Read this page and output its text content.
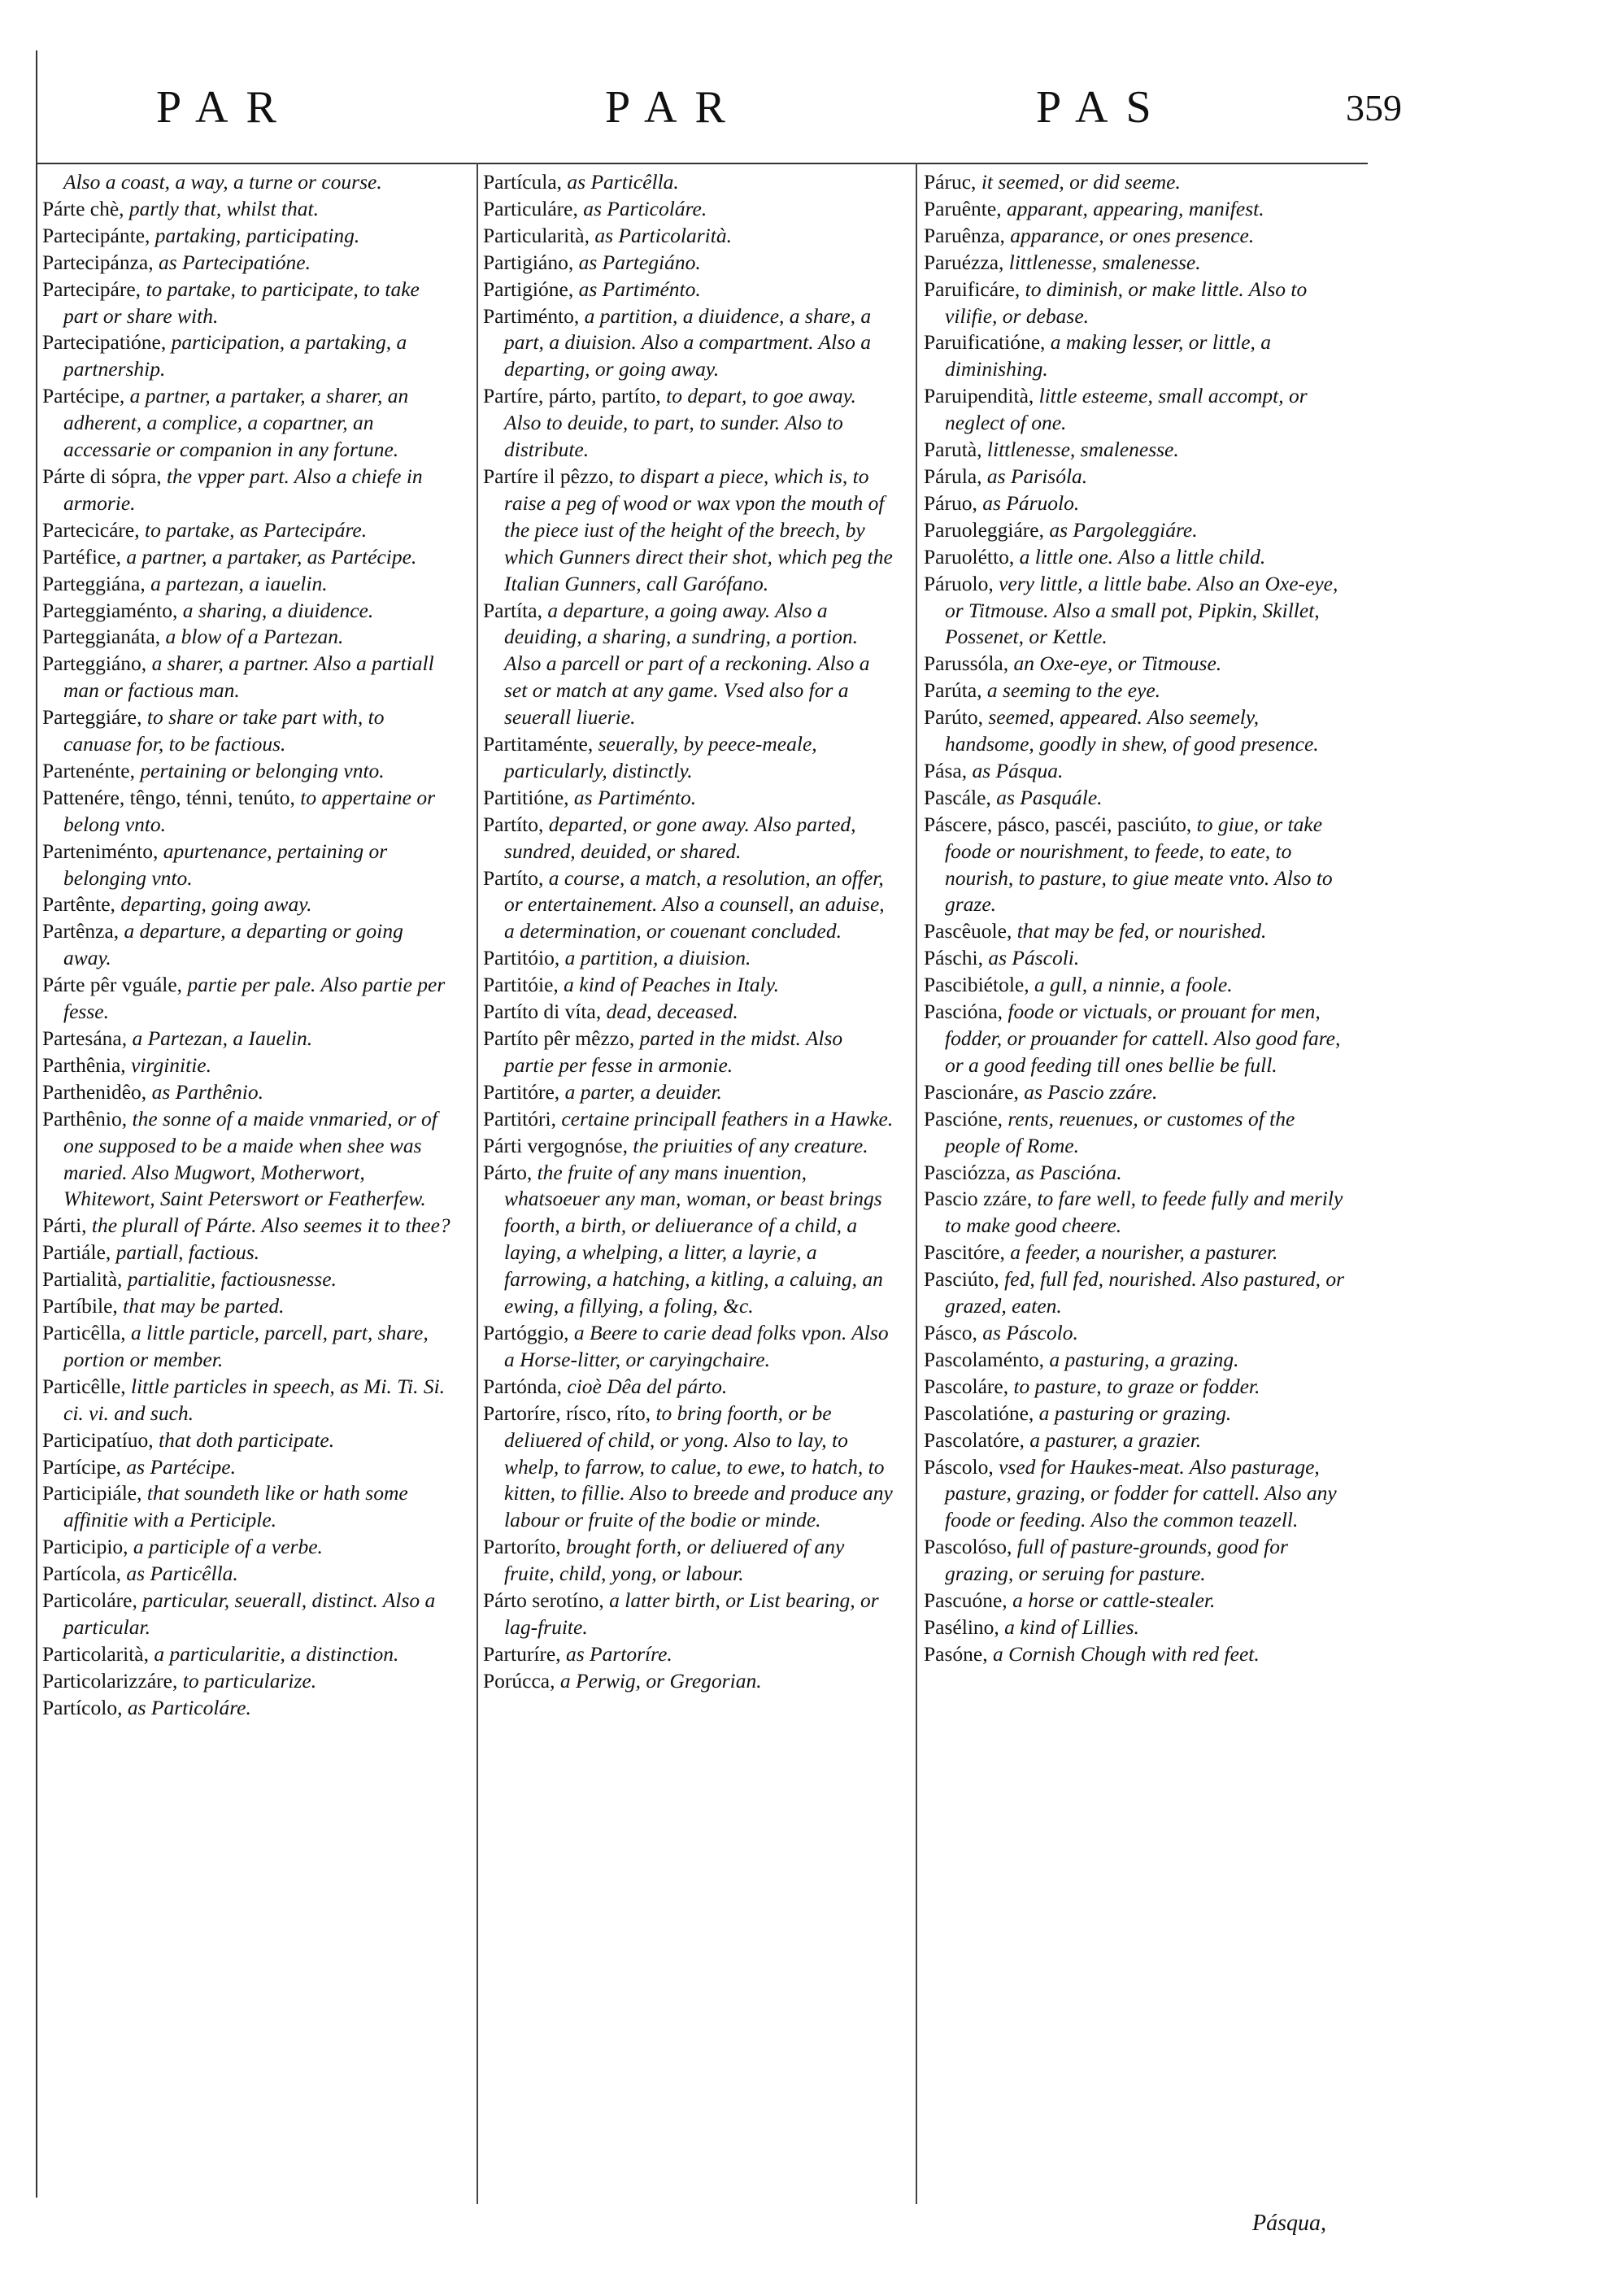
PAR	PAR	PAS	359

Also a coast, a way, a turne or course.

Párte chè, partly that, whilst that.

Partecipánte, partaking, participating.

Partecipánza, as Partecipatióne.

Partecipáre, to partake, to participate, to take part or share with.

Partecipatióne, participation, a partaking, a partnership.

Partécipe, a partner, a partaker, a sharer, an adherent, a complice, a copartner, an accessarie or companion in any fortune.

Párte di sópra, the vpper part. Also a chiefe in armorie.

Partecicáre, to partake, as Partecipáre.

Partéfice, a partner, a partaker, as Partécipe.

Parteggiána, a partezan, a iauelin.

Parteggiaménto, a sharing, a diuidence.

Parteggianáta, a blow of a Partezan.

Parteggiáno, a sharer, a partner. Also a partiall man or factious man.

Parteggiáre, to share or take part with, to canuase for, to be factious.

Partenénte, pertaining or belonging vnto.

Pattenére, têngo, ténni, tenúto, to appertaine or belong vnto.

Parteniménto, apurtenance, pertaining or belonging vnto.

Partênte, departing, going away.

Partênza, a departure, a departing or going away.

Párte pêr vguále, partie per pale. Also partie per fesse.

Partesána, a Partezan, a Iauelin.

Parthênia, virginitie.

Parthenidêo, as Parthênio.

Parthênio, the sonne of a maide vnmaried, or of one supposed to be a maide when shee was maried. Also Mugwort, Motherwort, Whitewort, Saint Peterswort or Featherfew.

Párti, the plurall of Párte. Also seemes it to thee?

Partiále, partiall, factious.

Partialità, partialitie, factiousnesse.

Partíbile, that may be parted.

Particêlla, a little particle, parcell, part, share, portion or member.

Particêlle, little particles in speech, as Mi. Ti. Si. ci. vi. and such.

Participatíuo, that doth participate.

Partícipe, as Partécipe.

Participiále, that soundeth like or hath some affinitie with a Perticiple.

Participio, a participle of a verbe.

Partícola, as Particêlla.

Particoláre, particular, seuerall, distinct. Also a particular.

Particolarità, a particularitie, a distinction.

Particolarizzáre, to particularize.

Partícolo, as Particoláre.

Partícula, as Particêlla.

Particuláre, as Particoláre.

Particularità, as Particolarità.

Partigiáno, as Partegiáno.

Partigióne, as Partiménto.

Partiménto, a partition, a diuidence, a share, a part, a diuision. Also a compartment. Also a departing, or going away.

Partíre, párto, partíto, to depart, to goe away. Also to deuide, to part, to sunder. Also to distribute.

Partíre il pêzzo, to dispart a piece, which is, to raise a peg of wood or wax vpon the mouth of the piece iust of the height of the breech, by which Gunners direct their shot, which peg the Italian Gunners, call Garófano.

Partíta, a departure, a going away. Also a deuiding, a sharing, a sundring, a portion. Also a parcell or part of a reckoning. Also a set or match at any game. Vsed also for a seuerall liuerie.

Partitaménte, seuerally, by peece-meale, particularly, distinctly.

Partitióne, as Partiménto.

Partíto, departed, or gone away. Also parted, sundred, deuided, or shared.

Partíto, a course, a match, a resolution, an offer, or entertainement. Also a counsell, an aduise, a determination, or couenant concluded.

Partitóio, a partition, a diuision.

Partitóie, a kind of Peaches in Italy.

Partíto di víta, dead, deceased.

Partíto pêr mêzzo, parted in the midst. Also partie per fesse in armonie.

Partitóre, a parter, a deuider.

Partitóri, certaine principall feathers in a Hawke.

Párti vergognóse, the priuities of any creature.

Párto, the fruite of any mans inuention, whatsoeuer any man, woman, or beast brings foorth, a birth, or deliuerance of a child, a laying, a whelping, a litter, a layrie, a farrowing, a hatching, a kitling, a caluing, an ewing, a fillying, a foling, &c.

Partóggio, a Beere to carie dead folks vpon. Also a Horse-litter, or caryingchaire.

Partónda, cioè Dêa del párto.

Partoríre, rísco, ríto, to bring foorth, or be deliuered of child, or yong. Also to lay, to whelp, to farrow, to calue, to ewe, to hatch, to kitten, to fillie. Also to breede and produce any labour or fruite of the bodie or minde.

Partoríto, brought forth, or deliuered of any fruite, child, yong, or labour.

Párto serotíno, a latter birth, or List bearing, or lag-fruite.

Parturíre, as Partoríre.

Porúcca, a Perwig, or Gregorian.

Páruc, it seemed, or did seeme.

Paruênte, apparant, appearing, manifest.

Paruênza, apparance, or ones presence.

Paruézza, littlenesse, smalenesse.

Paruificáre, to diminish, or make little. Also to vilifie, or debase.

Paruificatióne, a making lesser, or little, a diminishing.

Paruipendità, little esteeme, small accompt, or neglect of one.

Parutà, littlenesse, smalenesse.

Párula, as Parisóla.

Páruo, as Páruolo.

Paruoleggiáre, as Pargoleggiáre.

Paruolétto, a little one. Also a little child.

Páruolo, very little, a little babe. Also an Oxe-eye, or Titmouse. Also a small pot, Pipkin, Skillet, Possenet, or Kettle.

Parussóla, an Oxe-eye, or Titmouse.

Parúta, a seeming to the eye.

Parúto, seemed, appeared. Also seemely, handsome, goodly in shew, of good presence.

Pása, as Pásqua.

Pascále, as Pasquále.

Páscere, pásco, pascéi, pasciúto, to giue, or take foode or nourishment, to feede, to eate, to nourish, to pasture, to giue meate vnto. Also to graze.

Pascêuole, that may be fed, or nourished.

Páschi, as Páscoli.

Pascibiétole, a gull, a ninnie, a foole.

Pascióna, foode or victuals, or prouant for men, fodder, or prouander for cattell. Also good fare, or a good feeding till ones bellie be full.

Pascionáre, as Pascio zzáre.

Pascióne, rents, reuenues, or customes of the people of Rome.

Pasciózza, as Pascióna.

Pascio zzáre, to fare well, to feede fully and merily to make good cheere.

Pascitóre, a feeder, a nourisher, a pasturer.

Pasciúto, fed, full fed, nourished. Also pastured, or grazed, eaten.

Pásco, as Páscolo.

Pascolaménto, a pasturing, a grazing.

Pascoláre, to pasture, to graze or fodder.

Pascolatióne, a pasturing or grazing.

Pascolatóre, a pasturer, a grazier.

Páscolo, vsed for Haukes-meat. Also pasturage, pasture, grazing, or fodder for cattell. Also any foode or feeding. Also the common teazell.

Pascolóso, full of pasture-grounds, good for grazing, or seruing for pasture.

Pascuóne, a horse or cattle-stealer.

Pasélino, a kind of Lillies.

Pasóne, a Cornish Chough with red feet.

Pásqua,
